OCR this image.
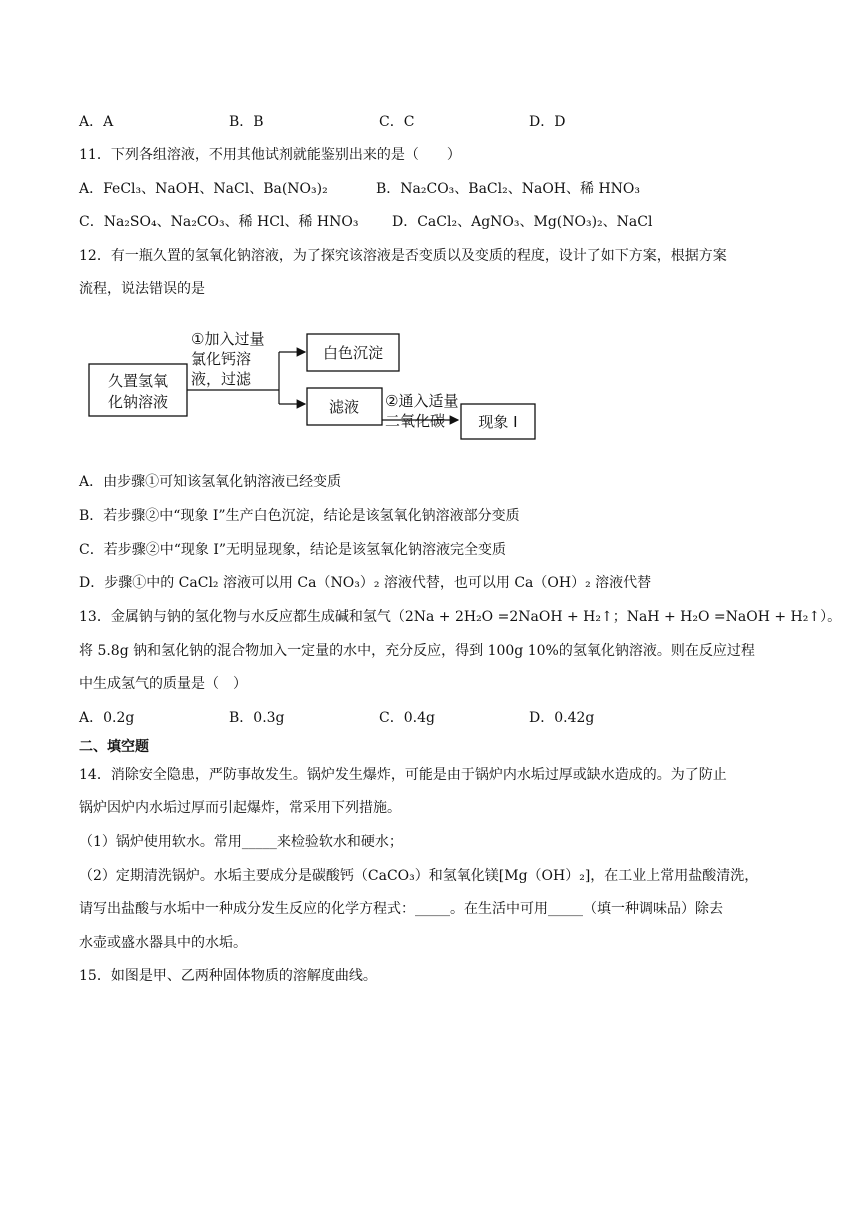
A．A	B．B	C．C	D．D
11．下列各组溶液，不用其他试剂就能鉴别出来的是（　　）
A．FeCl₃、NaOH、NaCl、Ba(NO₃)₂	B．Na₂CO₃、BaCl₂、NaOH、稀 HNO₃
C．Na₂SO₄、Na₂CO₃、稀 HCl、稀 HNO₃ D．CaCl₂、AgNO₃、Mg(NO₃)₂、NaCl
12．有一瓶久置的氢氧化钠溶液，为了探究该溶液是否变质以及变质的程度，设计了如下方案，根据方案
流程，说法错误的是
久置氢氧
化钠溶液
①加入过量
氯化钙溶
液，过滤
白色沉淀
滤液 ②通入适量
二氧化碳 现象 I
A．由步骤①可知该氢氧化钠溶液已经变质
B．若步骤②中“现象 I”生产白色沉淀，结论是该氢氧化钠溶液部分变质
C．若步骤②中“现象 I”无明显现象，结论是该氢氧化钠溶液完全变质
D．步骤①中的 CaCl₂ 溶液可以用 Ca（NO₃）₂ 溶液代替，也可以用 Ca（OH）₂ 溶液代替
13．金属钠与钠的氢化物与水反应都生成碱和氢气（2Na + 2H₂O =2NaOH + H₂↑；NaH + H₂O =NaOH + H₂↑）。
将 5.8g 钠和氢化钠的混合物加入一定量的水中，充分反应，得到 100g 10%的氢氧化钠溶液。则在反应过程
中生成氢气的质量是（　）
A．0.2g	B．0.3g	C．0.4g	D．0.42g
二、填空题
14．消除安全隐患，严防事故发生。锅炉发生爆炸，可能是由于锅炉内水垢过厚或缺水造成的。为了防止
锅炉因炉内水垢过厚而引起爆炸，常采用下列措施。
（1）锅炉使用软水。常用_____来检验软水和硬水；
（2）定期清洗锅炉。水垢主要成分是碳酸钙（CaCO₃）和氢氧化镁[Mg（OH）₂]，在工业上常用盐酸清洗，
请写出盐酸与水垢中一种成分发生反应的化学方程式：_____。在生活中可用_____（填一种调味品）除去
水壶或盛水器具中的水垢。
15．如图是甲、乙两种固体物质的溶解度曲线。
